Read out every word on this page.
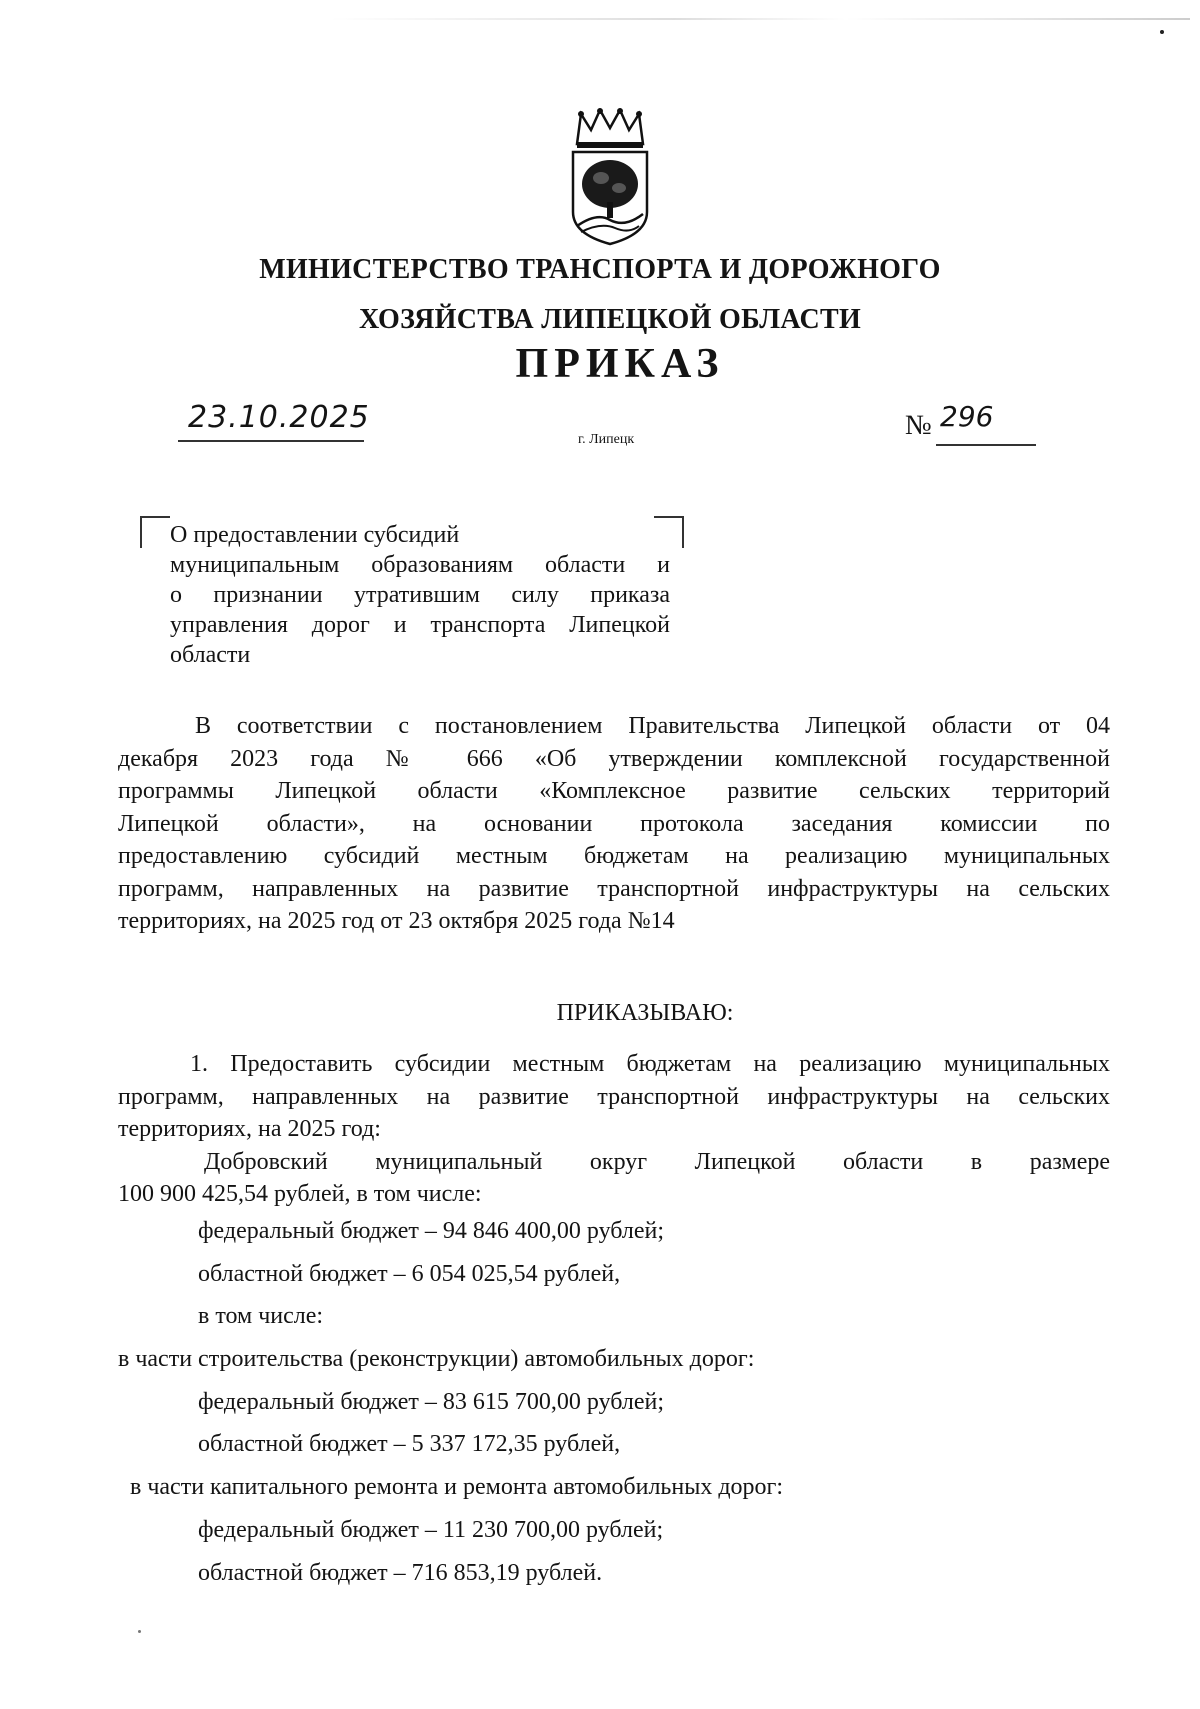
МИНИСТЕРСТВО ТРАНСПОРТА И ДОРОЖНОГО
ХОЗЯЙСТВА ЛИПЕЦКОЙ ОБЛАСТИ
ПРИКАЗ
23.10.2025
г. Липецк	№ 296
О предоставлении субсидий
муниципальным образованиям области и
о признании утратившим силу приказа
управления дорог и транспорта Липецкой
области
В соответствии с постановлением Правительства Липецкой области от 04
декабря 2023 года № 666 «Об утверждении комплексной государственной
программы Липецкой области «Комплексное развитие сельских территорий
Липецкой области», на основании протокола заседания комиссии по
предоставлению субсидий местным бюджетам на реализацию муниципальных
программ, направленных на развитие транспортной инфраструктуры на сельских
территориях, на 2025 год от 23 октября 2025 года №14
ПРИКАЗЫВАЮ:
1. Предоставить субсидии местным бюджетам на реализацию муниципальных
программ, направленных на развитие транспортной инфраструктуры на сельских
территориях, на 2025 год:
Добровский муниципальный округ Липецкой области в размере
100 900 425,54 рублей, в том числе:
федеральный бюджет – 94 846 400,00 рублей;
областной бюджет – 6 054 025,54 рублей,
в том числе:
в части строительства (реконструкции) автомобильных дорог:
федеральный бюджет – 83 615 700,00 рублей;
областной бюджет – 5 337 172,35 рублей,
в части капитального ремонта и ремонта автомобильных дорог:
федеральный бюджет – 11 230 700,00 рублей;
областной бюджет – 716 853,19 рублей.
